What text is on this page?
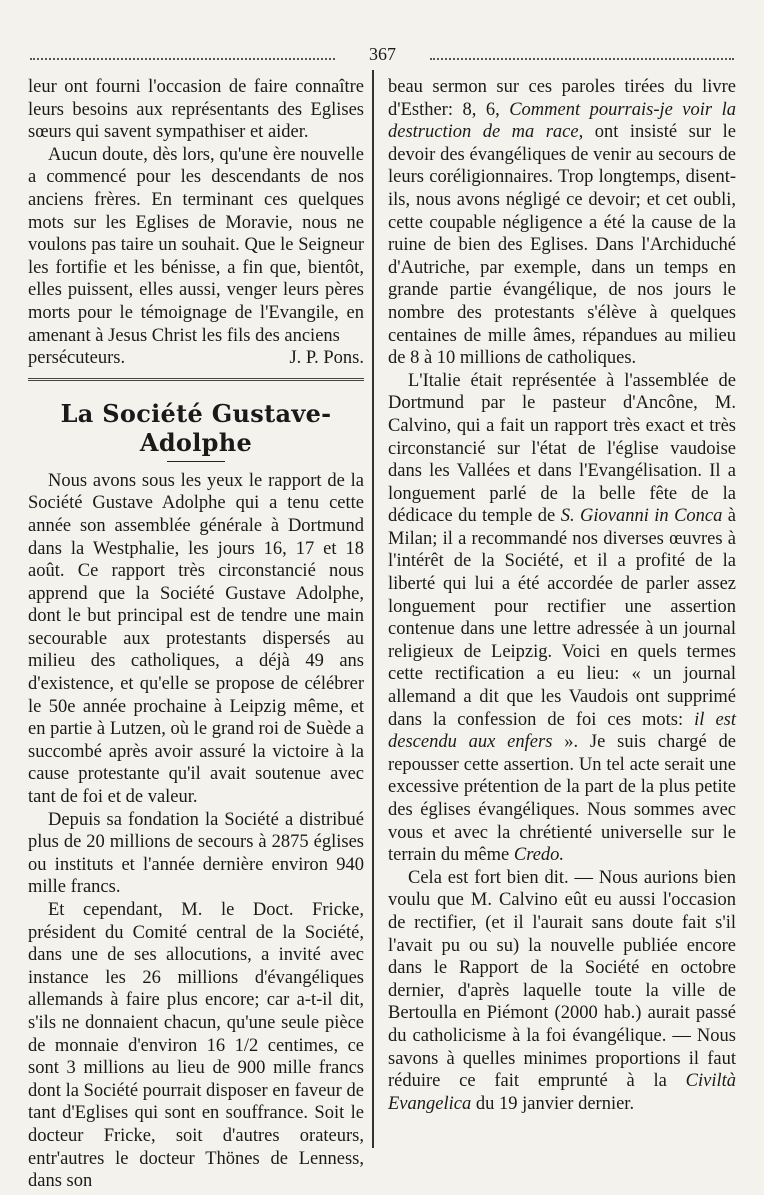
367

leur ont fourni l'occasion de faire connaître leurs besoins aux représentants des Eglises sœurs qui savent sympathiser et aider.

Aucun doute, dès lors, qu'une ère nouvelle a commencé pour les descendants de nos anciens frères. En terminant ces quelques mots sur les Eglises de Moravie, nous ne voulons pas taire un souhait. Que le Seigneur les fortifie et les bénisse, a fin que, bientôt, elles puissent, elles aussi, venger leurs pères morts pour le témoignage de l'Evangile, en amenant à Jesus Christ les fils des anciens

persécuteurs.	J. P. Pons.
La Société Gustave-Adolphe

Nous avons sous les yeux le rapport de la Société Gustave Adolphe qui a tenu cette année son assemblée générale à Dortmund dans la Westphalie, les jours 16, 17 et 18 août. Ce rapport très circonstancié nous apprend que la Société Gustave Adolphe, dont le but principal est de tendre une main secourable aux protestants dispersés au milieu des catholiques, a déjà 49 ans d'existence, et qu'elle se propose de célébrer le 50e année prochaine à Leipzig même, et en partie à Lutzen, où le grand roi de Suède a succombé après avoir assuré la victoire à la cause protestante qu'il avait soutenue avec tant de foi et de valeur.

Depuis sa fondation la Société a distribué plus de 20 millions de secours à 2875 églises ou instituts et l'année dernière environ 940 mille francs.

Et cependant, M. le Doct. Fricke, président du Comité central de la Société, dans une de ses allocutions, a invité avec instance les 26 millions d'évangéliques allemands à faire plus encore; car a-t-il dit, s'ils ne donnaient chacun, qu'une seule pièce de monnaie d'environ 16 1/2 centimes, ce sont 3 millions au lieu de 900 mille francs dont la Société pourrait disposer en faveur de tant d'Eglises qui sont en souffrance. Soit le docteur Fricke, soit d'autres orateurs, entr'autres le docteur Thönes de Lenness, dans son

beau sermon sur ces paroles tirées du livre d'Esther: 8, 6, Comment pourrais-je voir la destruction de ma race, ont insisté sur le devoir des évangéliques de venir au secours de leurs coréligionnaires. Trop longtemps, disent-ils, nous avons négligé ce devoir; et cet oubli, cette coupable négligence a été la cause de la ruine de bien des Eglises. Dans l'Archiduché d'Autriche, par exemple, dans un temps en grande partie évangélique, de nos jours le nombre des protestants s'élève à quelques centaines de mille âmes, répandues au milieu de 8 à 10 millions de catholiques.

L'Italie était représentée à l'assemblée de Dortmund par le pasteur d'Ancône, M. Calvino, qui a fait un rapport très exact et très circonstancié sur l'état de l'église vaudoise dans les Vallées et dans l'Evangélisation. Il a longuement parlé de la belle fête de la dédicace du temple de S. Giovanni in Conca à Milan; il a recommandé nos diverses œuvres à l'intérêt de la Société, et il a profité de la liberté qui lui a été accordée de parler assez longuement pour rectifier une assertion contenue dans une lettre adressée à un journal religieux de Leipzig. Voici en quels termes cette rectification a eu lieu: « un journal allemand a dit que les Vaudois ont supprimé dans la confession de foi ces mots: il est descendu aux enfers ». Je suis chargé de repousser cette assertion. Un tel acte serait une excessive prétention de la part de la plus petite des églises évangéliques. Nous sommes avec vous et avec la chrétienté universelle sur le terrain du même Credo.

Cela est fort bien dit. — Nous aurions bien voulu que M. Calvino eût eu aussi l'occasion de rectifier, (et il l'aurait sans doute fait s'il l'avait pu ou su) la nouvelle publiée encore dans le Rapport de la Société en octobre dernier, d'après laquelle toute la ville de Bertoulla en Piémont (2000 hab.) aurait passé du catholicisme à la foi évangélique. — Nous savons à quelles minimes proportions il faut réduire ce fait emprunté à la Civiltà Evangelica du 19 janvier dernier.
